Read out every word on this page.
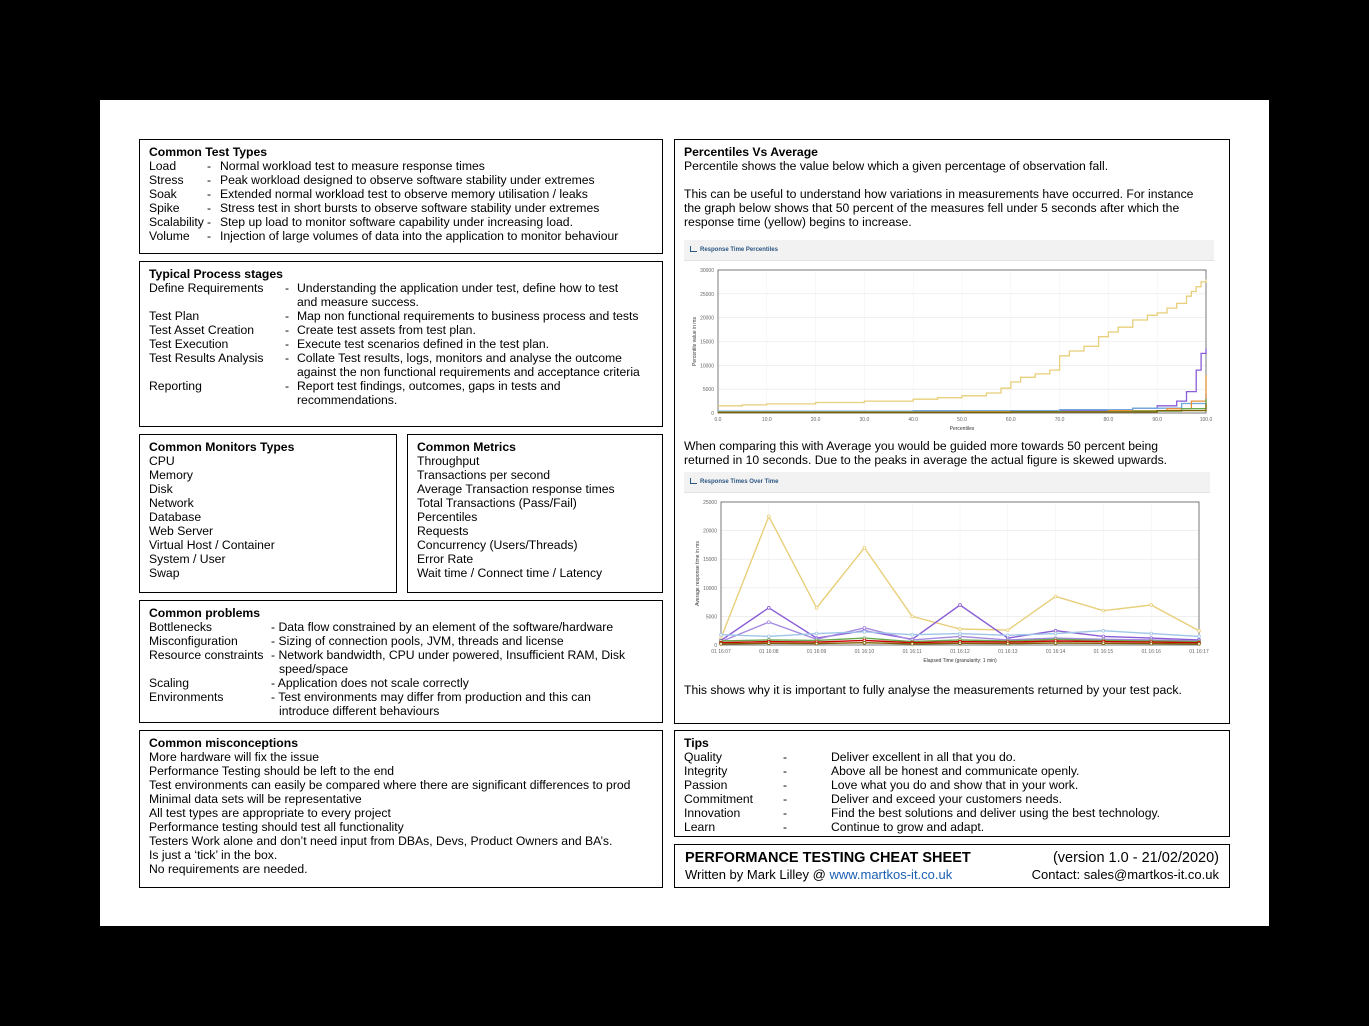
Common Test Types
Load	- Normal workload test to measure response times
Stress	- Peak workload designed to observe software stability under extremes
Soak	- Extended normal workload test to observe memory utilisation / leaks
Spike	- Stress test in short bursts to observe software stability under extremes
Scalability - Step up load to monitor software capability under increasing load.
Volume	- Injection of large volumes of data into the application to monitor behaviour
Typical Process stages
Define Requirements	- Understanding the application under test, define how to test
and measure success.
Test Plan	- Map non functional requirements to business process and tests
Test Asset Creation	- Create test assets from test plan.
Test Execution	- Execute test scenarios defined in the test plan.
Test Results Analysis	- Collate Test results, logs, monitors and analyse the outcome
against the non functional requirements and acceptance criteria
Reporting	- Report test findings, outcomes, gaps in tests and
recommendations.
Common Monitors Types
CPU
Memory
Disk
Network
Database
Web Server
Virtual Host / Container
System / User
Swap
Common Metrics
Throughput
Transactions per second
Average Transaction response times
Total Transactions (Pass/Fail)
Percentiles
Requests
Concurrency (Users/Threads)
Error Rate
Wait time / Connect time / Latency
Common problems
Bottlenecks	- Data flow constrained by an element of the software/hardware
Misconfiguration	- Sizing of connection pools, JVM, threads and license
Resource constraints - Network bandwidth, CPU under powered, Insufficient RAM, Disk
speed/space
Scaling	- Application does not scale correctly
Environments	- Test environments may differ from production and this can
introduce different behaviours
Common misconceptions
More hardware will fix the issue
Performance Testing should be left to the end
Test environments can easily be compared where there are significant differences to prod
Minimal data sets will be representative
All test types are appropriate to every project
Performance testing should test all functionality
Testers Work alone and don’t need input from DBAs, Devs, Product Owners and BA’s.
Is just a ‘tick’ in the box.
No requirements are needed.
Percentiles Vs Average
Percentile shows the value below which a given percentage of observation fall.
This can be useful to understand how variations in measurements have occurred. For instance the graph below shows that 50 percent of the measures fell under 5 seconds after which the response time (yellow) begins to increase.
Response Time Percentiles
0
5000
10000
15000
20000
25000
30000
0.0	10.0	20.0	30.0	40.0	50.0	60.0	70.0	80.0	90.0	100.0
Percentiles
Percentile value in ms
When comparing this with Average you would be guided more towards 50 percent being returned in 10 seconds. Due to the peaks in average the actual figure is skewed upwards.
Response Times Over Time
0
5000
10000
15000
20000
25000
01 16:07	01 16:08	01 16:09	01 16:10	01 16:11	01 16:12	01 16:13	01 16:14	01 16:15	01 16:16	01 16:17
Elapsed Time (granularity: 1 min)
Average response time in ms
This shows why it is important to fully analyse the measurements returned by your test pack.
Tips
Quality	-	Deliver excellent in all that you do.
Integrity	-	Above all be honest and communicate openly.
Passion	-	Love what you do and show that in your work.
Commitment	-	Deliver and exceed your customers needs.
Innovation	-	Find the best solutions and deliver using the best technology.
Learn	-	Continue to grow and adapt.
PERFORMANCE TESTING CHEAT SHEET	(version 1.0 - 21/02/2020)
Written by Mark Lilley @ www.martkos-it.co.uk	Contact: sales@martkos-it.co.uk
